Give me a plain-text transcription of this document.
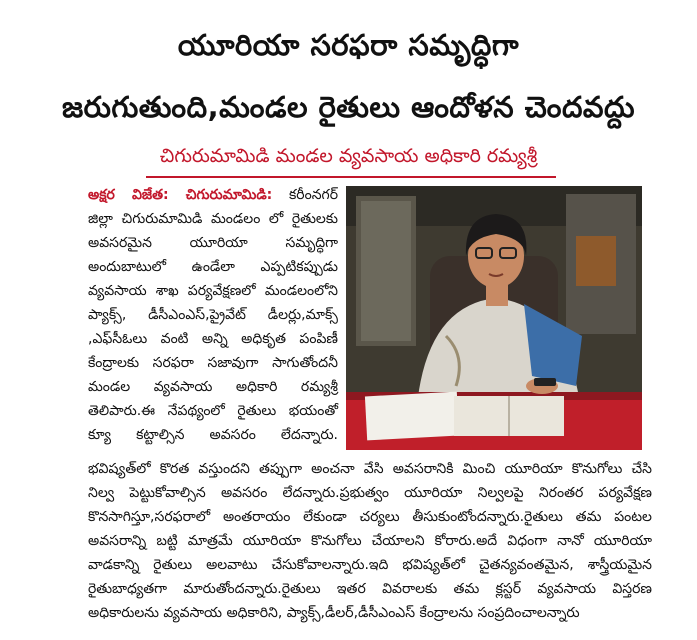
యూరియా సరఫరా సమృద్ధిగా
జరుగుతుంది,మండల రైతులు ఆందోళన చెందవద్దు
చిగురుమామిడి మండల వ్యవసాయ అధికారి రమ్యశ్రీ
అక్షర విజేత: చిగురుమామిడి: కరీంనగర్
జిల్లా చిగురుమామిడి మండలం లో రైతులకు
అవసరమైన యూరియా సమృద్ధిగా
అందుబాటులో ఉండేలా ఎప్పటికప్పుడు
వ్యవసాయ శాఖ పర్యవేక్షణలో మండలంలోని
ప్యాక్స్, డీసీఎంఎస్,ప్రైవేట్ డీలర్లు,మాక్స్
,ఎఫ్‌సీఓలు వంటి అన్ని అధికృత పంపిణీ
కేంద్రాలకు సరఫరా సజావుగా సాగుతోందనీ
మండల వ్యవసాయ అధికారి రమ్యశ్రీ
తెలిపారు.ఈ నేపథ్యంలో రైతులు భయంతో
క్యూ కట్టాల్సిన అవసరం లేదన్నారు.
భవిష్యత్‌లో కొరత వస్తుందని తప్పుగా అంచనా వేసి అవసరానికి మించి యూరియా కొనుగోలు చేసి
నిల్వ పెట్టుకోవాల్సిన అవసరం లేదన్నారు.ప్రభుత్వం యూరియా నిల్వలపై నిరంతర పర్యవేక్షణ
కొనసాగిస్తూ,సరఫరాలో అంతరాయం లేకుండా చర్యలు తీసుకుంటోందన్నారు.రైతులు తమ పంటల
అవసరాన్ని బట్టి మాత్రమే యూరియా కొనుగోలు చేయాలని కోరారు.అదే విధంగా నానో యూరియా
వాడకాన్ని రైతులు అలవాటు చేసుకోవాలన్నారు.ఇది భవిష్యత్‌లో చైతన్యవంతమైన, శాస్త్రీయమైన
రైతుబాధ్యతగా మారుతోందన్నారు.రైతులు ఇతర వివరాలకు తమ క్లస్టర్ వ్యవసాయ విస్తరణ
అధికారులను వ్యవసాయ అధికారిని, ప్యాక్స్,డీలర్,డీసీఎంఎస్ కేంద్రాలను సంప్రదించాలన్నారు
